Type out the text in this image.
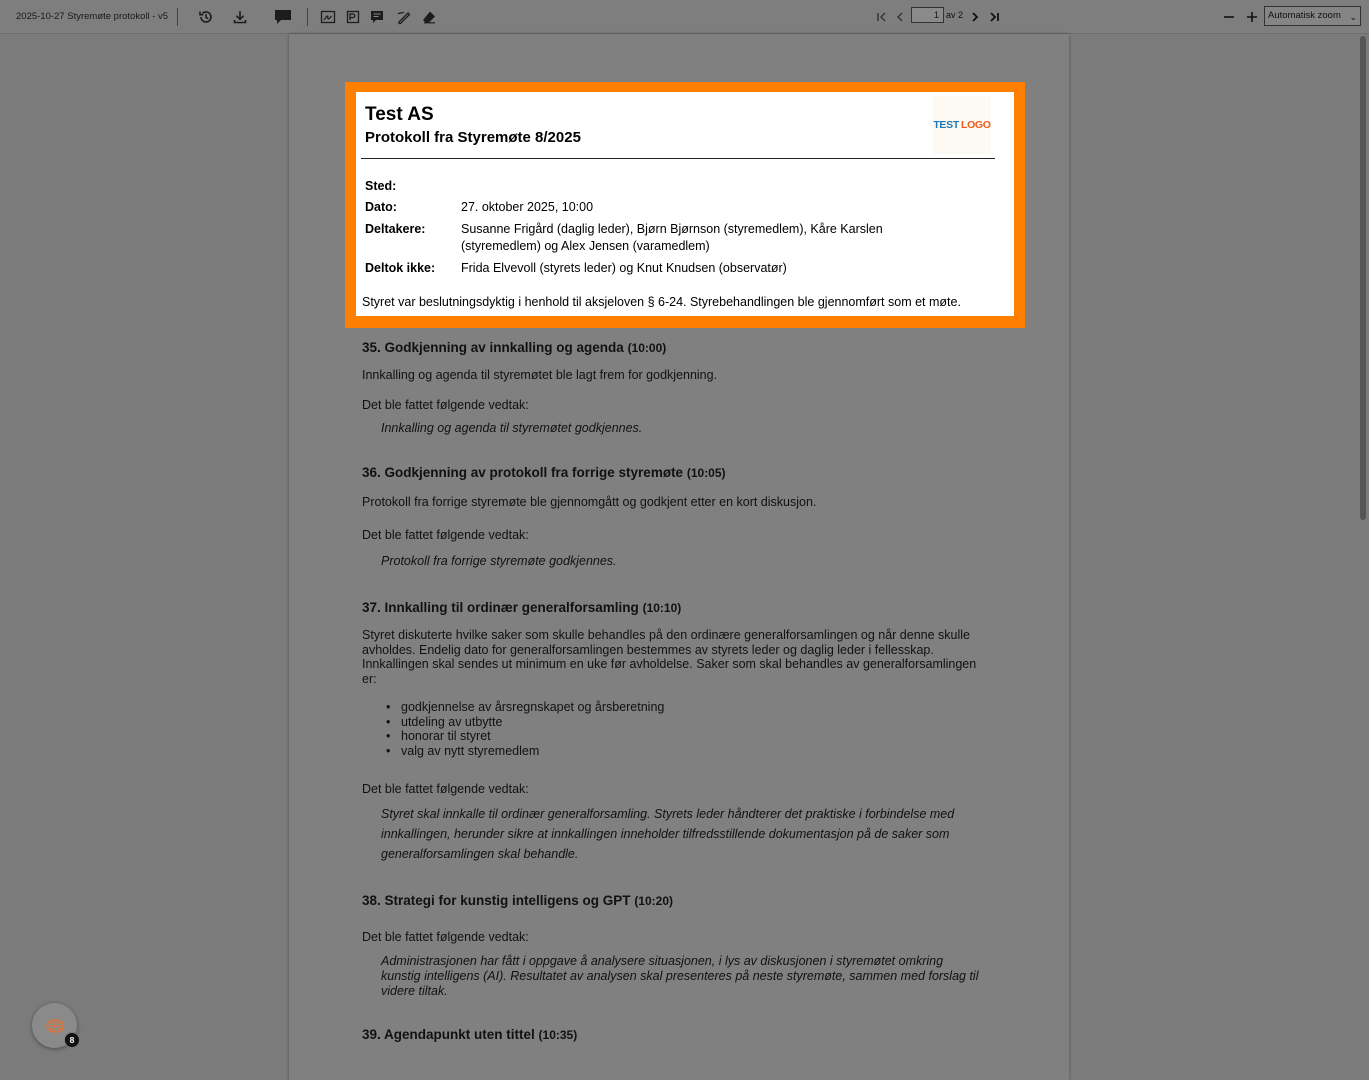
2025-10-27 Styremøte protokoll - v5	1 av 2	Automatisk zoom ⌄
Test AS
Protokoll fra Styremøte 8/2025
TEST LOGO
Sted:
Dato:	27. oktober 2025, 10:00
Deltakere:	Susanne Frigård (daglig leder), Bjørn Bjørnson (styremedlem), Kåre Karslen (styremedlem) og Alex Jensen (varamedlem)
Deltok ikke: Frida Elvevoll (styrets leder) og Knut Knudsen (observatør)
Styret var beslutningsdyktig i henhold til aksjeloven § 6-24. Styrebehandlingen ble gjennomført som et møte.
35. Godkjenning av innkalling og agenda (10:00)
Innkalling og agenda til styremøtet ble lagt frem for godkjenning.
Det ble fattet følgende vedtak:
Innkalling og agenda til styremøtet godkjennes.
36. Godkjenning av protokoll fra forrige styremøte (10:05)
Protokoll fra forrige styremøte ble gjennomgått og godkjent etter en kort diskusjon.
Det ble fattet følgende vedtak:
Protokoll fra forrige styremøte godkjennes.
37. Innkalling til ordinær generalforsamling (10:10)
Styret diskuterte hvilke saker som skulle behandles på den ordinære generalforsamlingen og når denne skulle
avholdes. Endelig dato for generalforsamlingen bestemmes av styrets leder og daglig leder i fellesskap.
Innkallingen skal sendes ut minimum en uke før avholdelse. Saker som skal behandles av generalforsamlingen
er:
• godkjennelse av årsregnskapet og årsberetning
• utdeling av utbytte
• honorar til styret
• valg av nytt styremedlem
Det ble fattet følgende vedtak:
Styret skal innkalle til ordinær generalforsamling. Styrets leder håndterer det praktiske i forbindelse med
innkallingen, herunder sikre at innkallingen inneholder tilfredsstillende dokumentasjon på de saker som
generalforsamlingen skal behandle.
38. Strategi for kunstig intelligens og GPT (10:20)
Det ble fattet følgende vedtak:
Administrasjonen har fått i oppgave å analysere situasjonen, i lys av diskusjonen i styremøtet omkring
kunstig intelligens (AI). Resultatet av analysen skal presenteres på neste styremøte, sammen med forslag til
videre tiltak.
39. Agendapunkt uten tittel (10:35)
8
